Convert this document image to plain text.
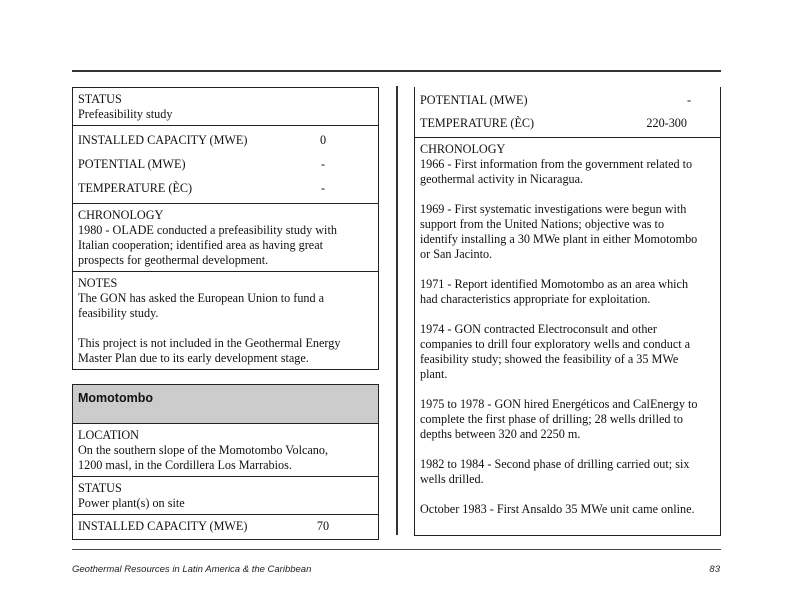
STATUS
Prefeasibility study
INSTALLED CAPACITY (MWE)	0
POTENTIAL (MWE)	-
TEMPERATURE (ЀC)	-
CHRONOLOGY
1980 - OLADE conducted a prefeasibility study with
Italian cooperation; identified area as having great
prospects for geothermal development.
NOTES
The GON has asked the European Union to fund a
feasibility study.
This project is not included in the Geothermal Energy
Master Plan due to its early development stage.
Momotombo
LOCATION
On the southern slope of the Momotombo Volcano,
1200 masl, in the Cordillera Los Marrabios.
STATUS
Power plant(s) on site
INSTALLED CAPACITY (MWE)	70
POTENTIAL (MWE)	-
TEMPERATURE (ЀC)	220-300
CHRONOLOGY
1966 - First information from the government related to
geothermal activity in Nicaragua.
1969 - First systematic investigations were begun with
support from the United Nations; objective was to
identify installing a 30 MWe plant in either Momotombo
or San Jacinto.
1971 - Report identified Momotombo as an area which
had characteristics appropriate for exploitation.
1974 - GON contracted Electroconsult and other
companies to drill four exploratory wells and conduct a
feasibility study; showed the feasibility of a 35 MWe
plant.
1975 to 1978 - GON hired Energéticos and CalEnergy to
complete the first phase of drilling; 28 wells drilled to
depths between 320 and 2250 m.
1982 to 1984 - Second phase of drilling carried out; six
wells drilled.
October 1983 - First Ansaldo 35 MWe unit came online.
Geothermal Resources in Latin America & the Caribbean	83
